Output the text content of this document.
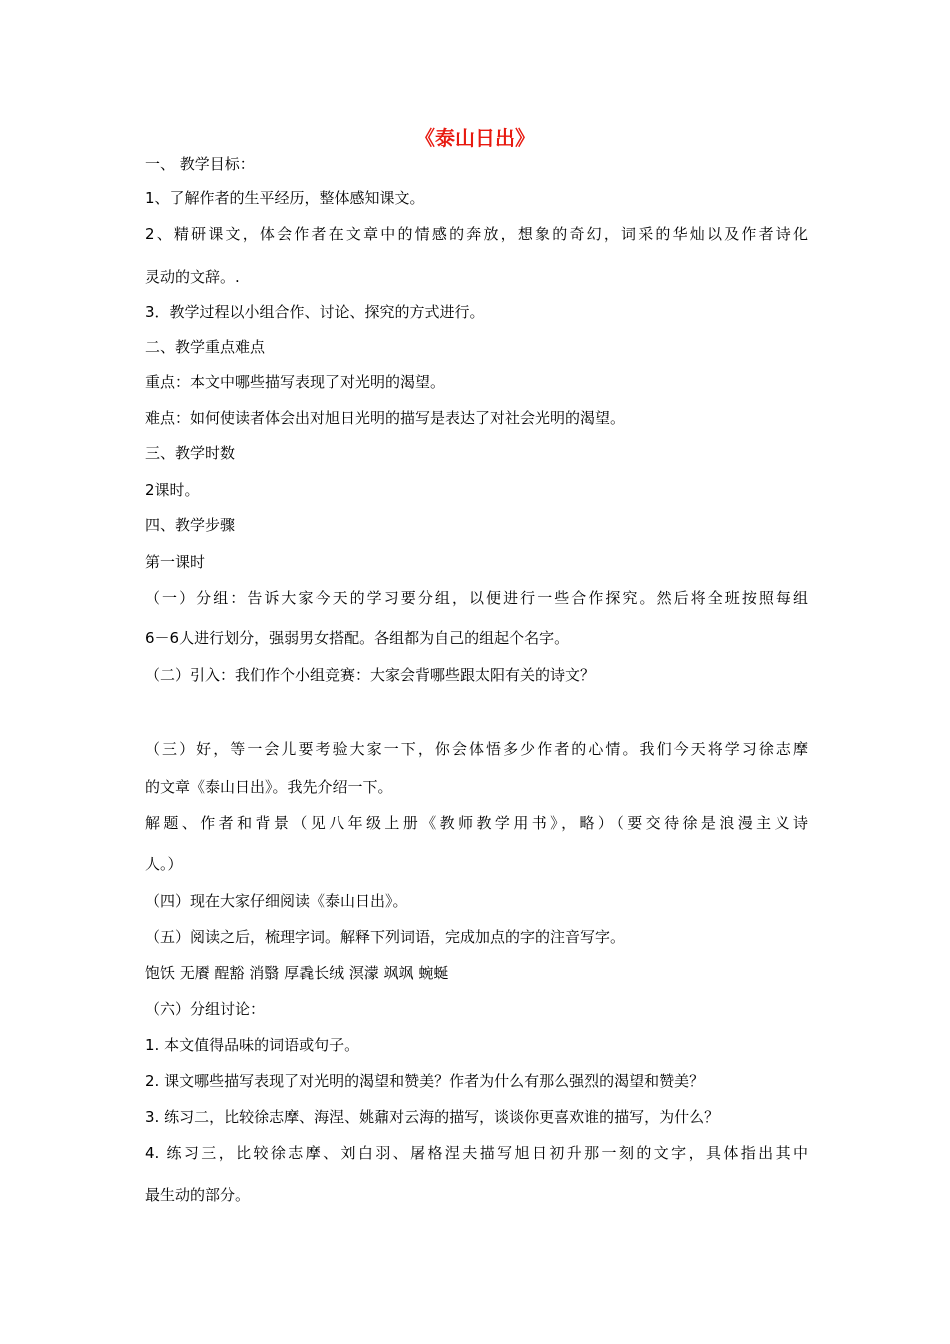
《泰山日出》
一、 教学目标：
1、了解作者的生平经历，整体感知课文。
2、精研课文，体会作者在文章中的情感的奔放，想象的奇幻，词采的华灿以及作者诗化
灵动的文辞。.
3．教学过程以小组合作、讨论、探究的方式进行。
二、教学重点难点
重点：本文中哪些描写表现了对光明的渴望。
难点：如何使读者体会出对旭日光明的描写是表达了对社会光明的渴望。
三、教学时数
2课时。
四、教学步骤
第一课时
（一）分组：告诉大家今天的学习要分组，以便进行一些合作探究。然后将全班按照每组
6－6人进行划分，强弱男女搭配。各组都为自己的组起个名字。
（二）引入：我们作个小组竞赛：大家会背哪些跟太阳有关的诗文？
（三）好，等一会儿要考验大家一下，你会体悟多少作者的心情。我们今天将学习徐志摩
的文章《泰山日出》。我先介绍一下。
解题、作者和背景（见八年级上册《教师教学用书》，略）（要交待徐是浪漫主义诗
人。）
（四）现在大家仔细阅读《泰山日出》。
（五）阅读之后，梳理字词。解释下列词语，完成加点的字的注音写字。
饱饫 无餍 酲豁 消翳 厚毳长绒 溟濛 飒飒 蜿蜒
（六）分组讨论：
1. 本文值得品味的词语或句子。
2. 课文哪些描写表现了对光明的渴望和赞美？作者为什么有那么强烈的渴望和赞美？
3. 练习二，比较徐志摩、海涅、姚鼐对云海的描写，谈谈你更喜欢谁的描写，为什么？
4. 练习三，比较徐志摩、刘白羽、屠格涅夫描写旭日初升那一刻的文字，具体指出其中
最生动的部分。
